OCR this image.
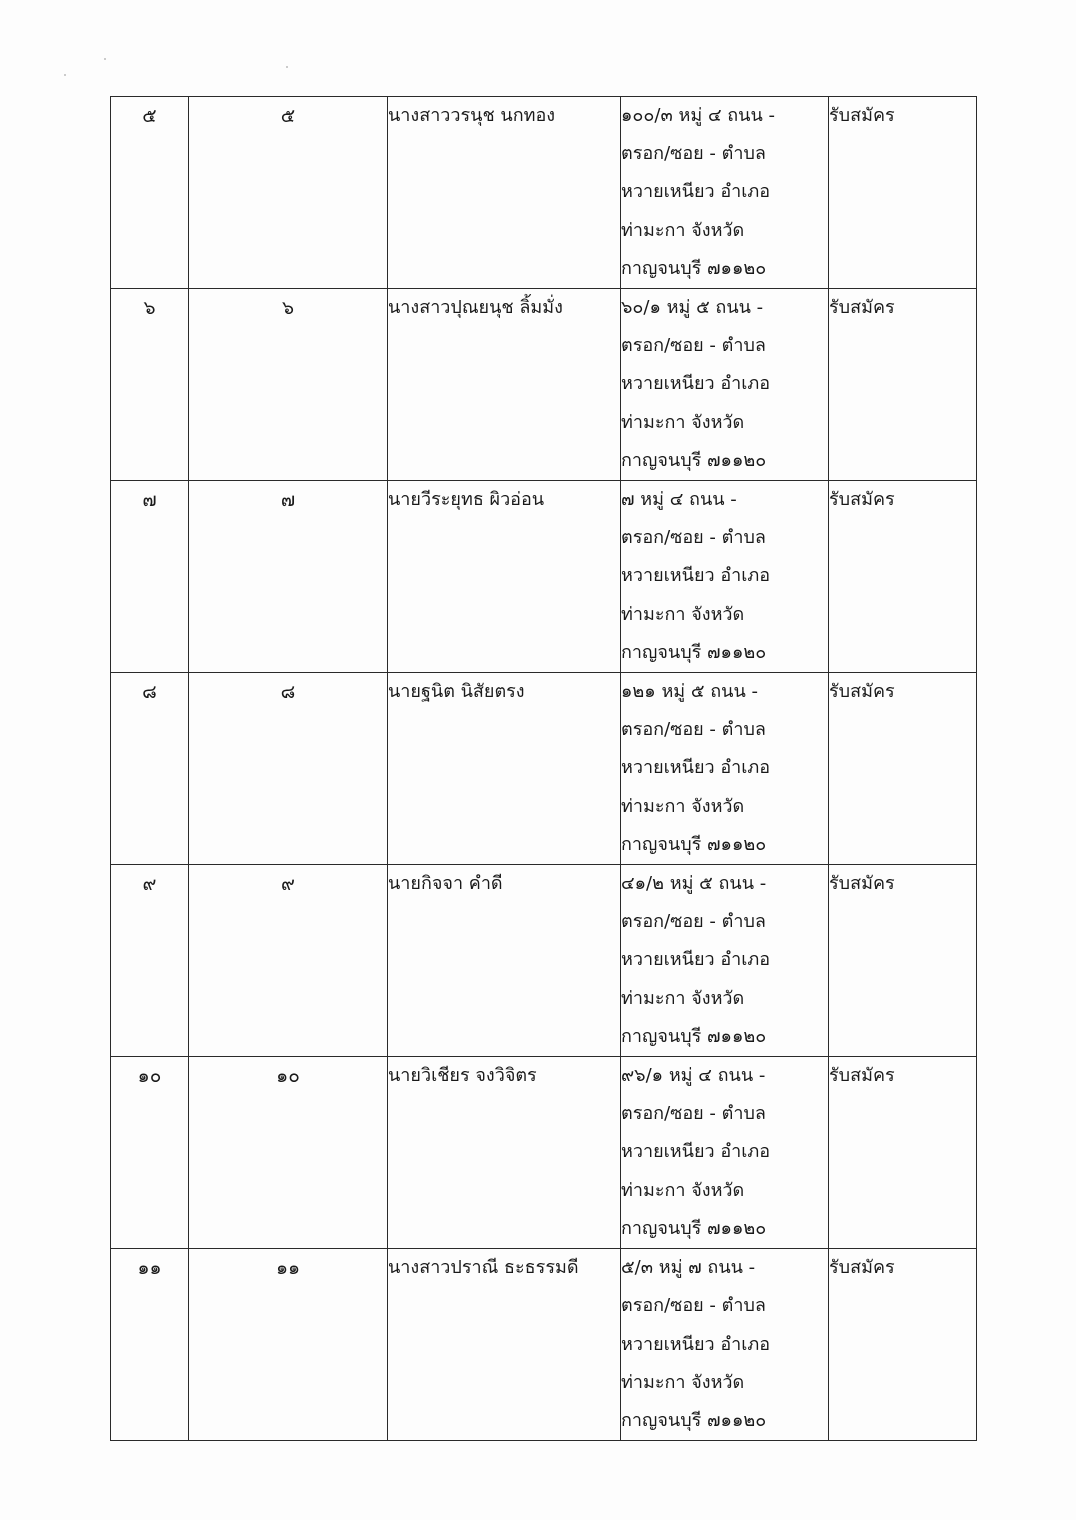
๕	๕	นางสาววรนุช นกทอง	๑๐๐/๓ หมู่ ๔ ถนน -
ตรอก/ซอย - ตำบล
หวายเหนียว อำเภอ
ท่ามะกา จังหวัด
กาญจนบุรี ๗๑๑๒๐	รับสมัคร
๖	๖	นางสาวปุณยนุช ลิ้มมั่ง	๖๐/๑ หมู่ ๕ ถนน -
ตรอก/ซอย - ตำบล
หวายเหนียว อำเภอ
ท่ามะกา จังหวัด
กาญจนบุรี ๗๑๑๒๐	รับสมัคร
๗	๗	นายวีระยุทธ ผิวอ่อน	๗ หมู่ ๔ ถนน -
ตรอก/ซอย - ตำบล
หวายเหนียว อำเภอ
ท่ามะกา จังหวัด
กาญจนบุรี ๗๑๑๒๐	รับสมัคร
๘	๘	นายฐนิต นิสัยตรง	๑๒๑ หมู่ ๕ ถนน -
ตรอก/ซอย - ตำบล
หวายเหนียว อำเภอ
ท่ามะกา จังหวัด
กาญจนบุรี ๗๑๑๒๐	รับสมัคร
๙	๙	นายกิจจา คำดี	๔๑/๒ หมู่ ๕ ถนน -
ตรอก/ซอย - ตำบล
หวายเหนียว อำเภอ
ท่ามะกา จังหวัด
กาญจนบุรี ๗๑๑๒๐	รับสมัคร
๑๐	๑๐	นายวิเชียร จงวิจิตร	๙๖/๑ หมู่ ๔ ถนน -
ตรอก/ซอย - ตำบล
หวายเหนียว อำเภอ
ท่ามะกา จังหวัด
กาญจนบุรี ๗๑๑๒๐	รับสมัคร
๑๑	๑๑	นางสาวปราณี ธะธรรมดี	๕/๓ หมู่ ๗ ถนน -
ตรอก/ซอย - ตำบล
หวายเหนียว อำเภอ
ท่ามะกา จังหวัด
กาญจนบุรี ๗๑๑๒๐	รับสมัคร
